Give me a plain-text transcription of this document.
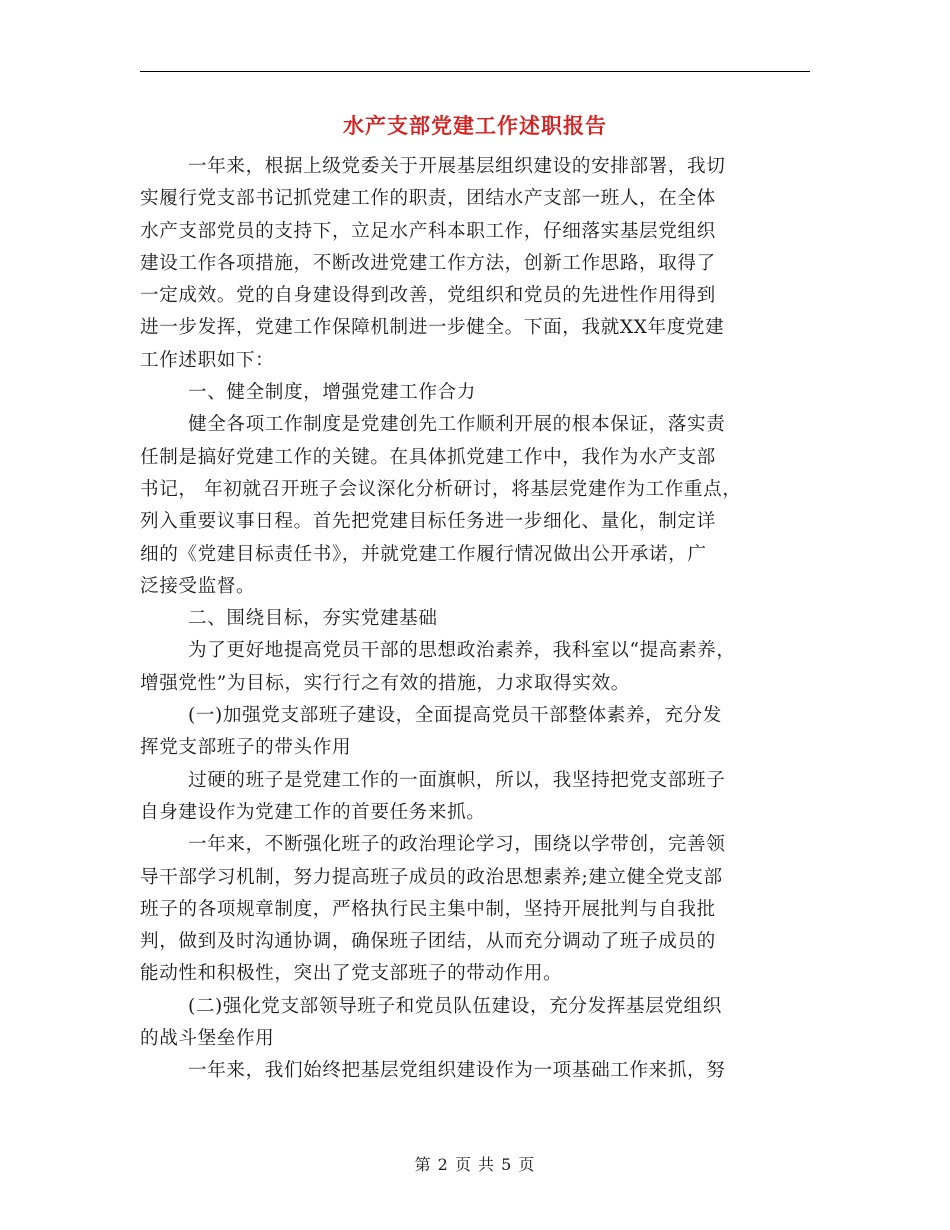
水产支部党建工作述职报告
一年来，根据上级党委关于开展基层组织建设的安排部署，我切
实履行党支部书记抓党建工作的职责，团结水产支部一班人，在全体
水产支部党员的支持下，立足水产科本职工作，仔细落实基层党组织
建设工作各项措施，不断改进党建工作方法，创新工作思路，取得了
一定成效。党的自身建设得到改善，党组织和党员的先进性作用得到
进一步发挥，党建工作保障机制进一步健全。下面，我就XX年度党建
工作述职如下：
一、健全制度，增强党建工作合力
健全各项工作制度是党建创先工作顺利开展的根本保证，落实责
任制是搞好党建工作的关键。在具体抓党建工作中，我作为水产支部
书记， 年初就召开班子会议深化分析研讨，将基层党建作为工作重点，
列入重要议事日程。首先把党建目标任务进一步细化、量化，制定详
细的《党建目标责任书》，并就党建工作履行情况做出公开承诺，广
泛接受监督。
二、围绕目标，夯实党建基础
为了更好地提高党员干部的思想政治素养，我科室以“提高素养，
增强党性”为目标，实行行之有效的措施，力求取得实效。
(一)加强党支部班子建设，全面提高党员干部整体素养，充分发
挥党支部班子的带头作用
过硬的班子是党建工作的一面旗帜，所以，我坚持把党支部班子
自身建设作为党建工作的首要任务来抓。
一年来，不断强化班子的政治理论学习，围绕以学带创，完善领
导干部学习机制，努力提高班子成员的政治思想素养;建立健全党支部
班子的各项规章制度，严格执行民主集中制，坚持开展批判与自我批
判，做到及时沟通协调，确保班子团结，从而充分调动了班子成员的
能动性和积极性，突出了党支部班子的带动作用。
(二)强化党支部领导班子和党员队伍建设，充分发挥基层党组织
的战斗堡垒作用
一年来，我们始终把基层党组织建设作为一项基础工作来抓，努
第 2 页 共 5 页
